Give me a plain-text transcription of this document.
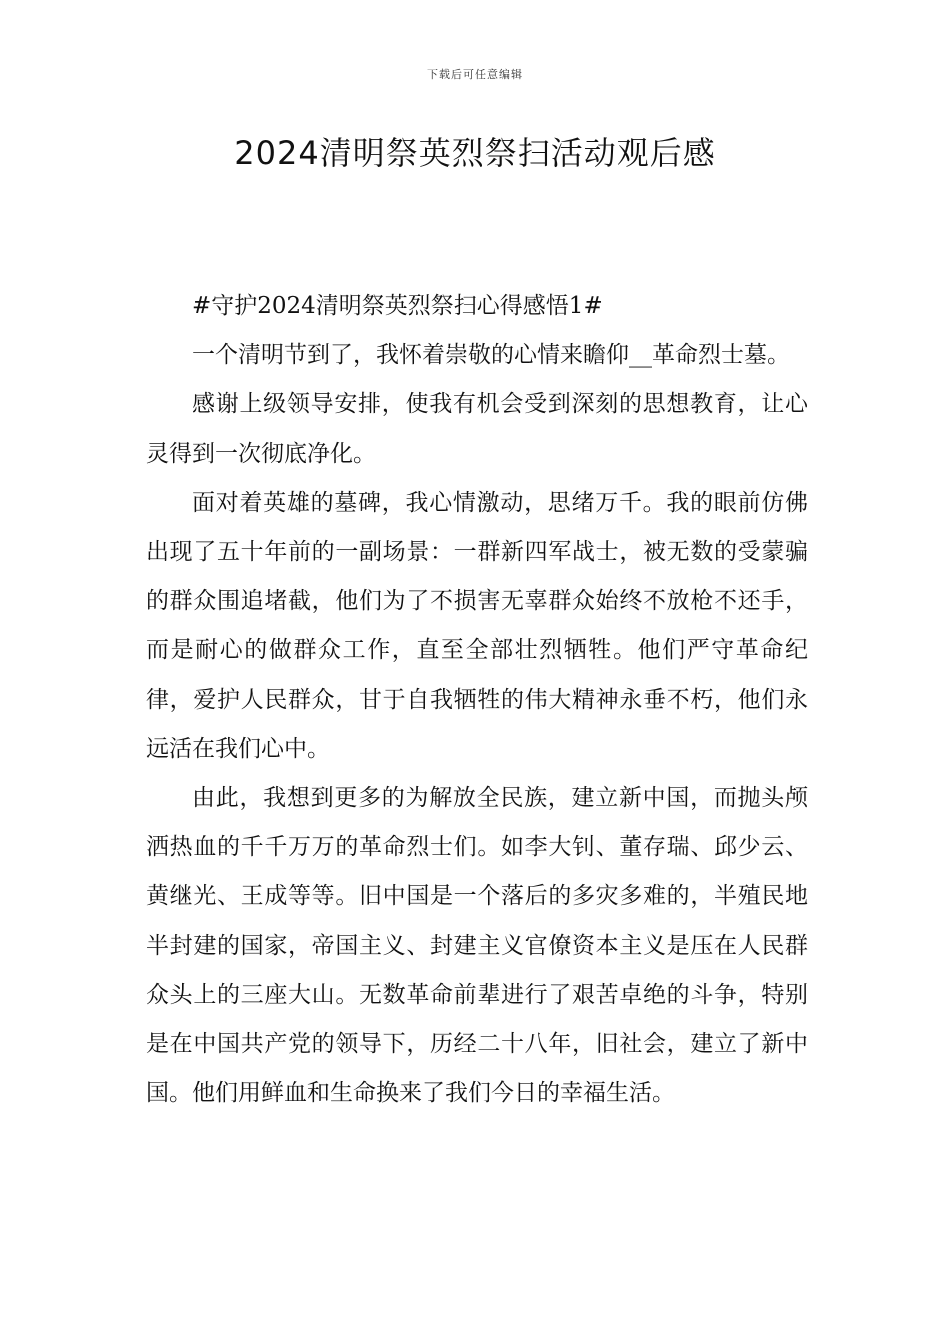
下载后可任意编辑
2024清明祭英烈祭扫活动观后感

#守护2024清明祭英烈祭扫心得感悟1#

一个清明节到了，我怀着崇敬的心情来瞻仰__革命烈士墓。

感谢上级领导安排，使我有机会受到深刻的思想教育，让心灵得到一次彻底净化。

面对着英雄的墓碑，我心情激动，思绪万千。我的眼前仿佛出现了五十年前的一副场景：一群新四军战士，被无数的受蒙骗的群众围追堵截，他们为了不损害无辜群众始终不放枪不还手，而是耐心的做群众工作，直至全部壮烈牺牲。他们严守革命纪律，爱护人民群众，甘于自我牺牲的伟大精神永垂不朽，他们永远活在我们心中。

由此，我想到更多的为解放全民族，建立新中国，而抛头颅洒热血的千千万万的革命烈士们。如李大钊、董存瑞、邱少云、黄继光、王成等等。旧中国是一个落后的多灾多难的，半殖民地半封建的国家，帝国主义、封建主义官僚资本主义是压在人民群众头上的三座大山。无数革命前辈进行了艰苦卓绝的斗争，特别是在中国共产党的领导下，历经二十八年，旧社会，建立了新中国。他们用鲜血和生命换来了我们今日的幸福生活。
